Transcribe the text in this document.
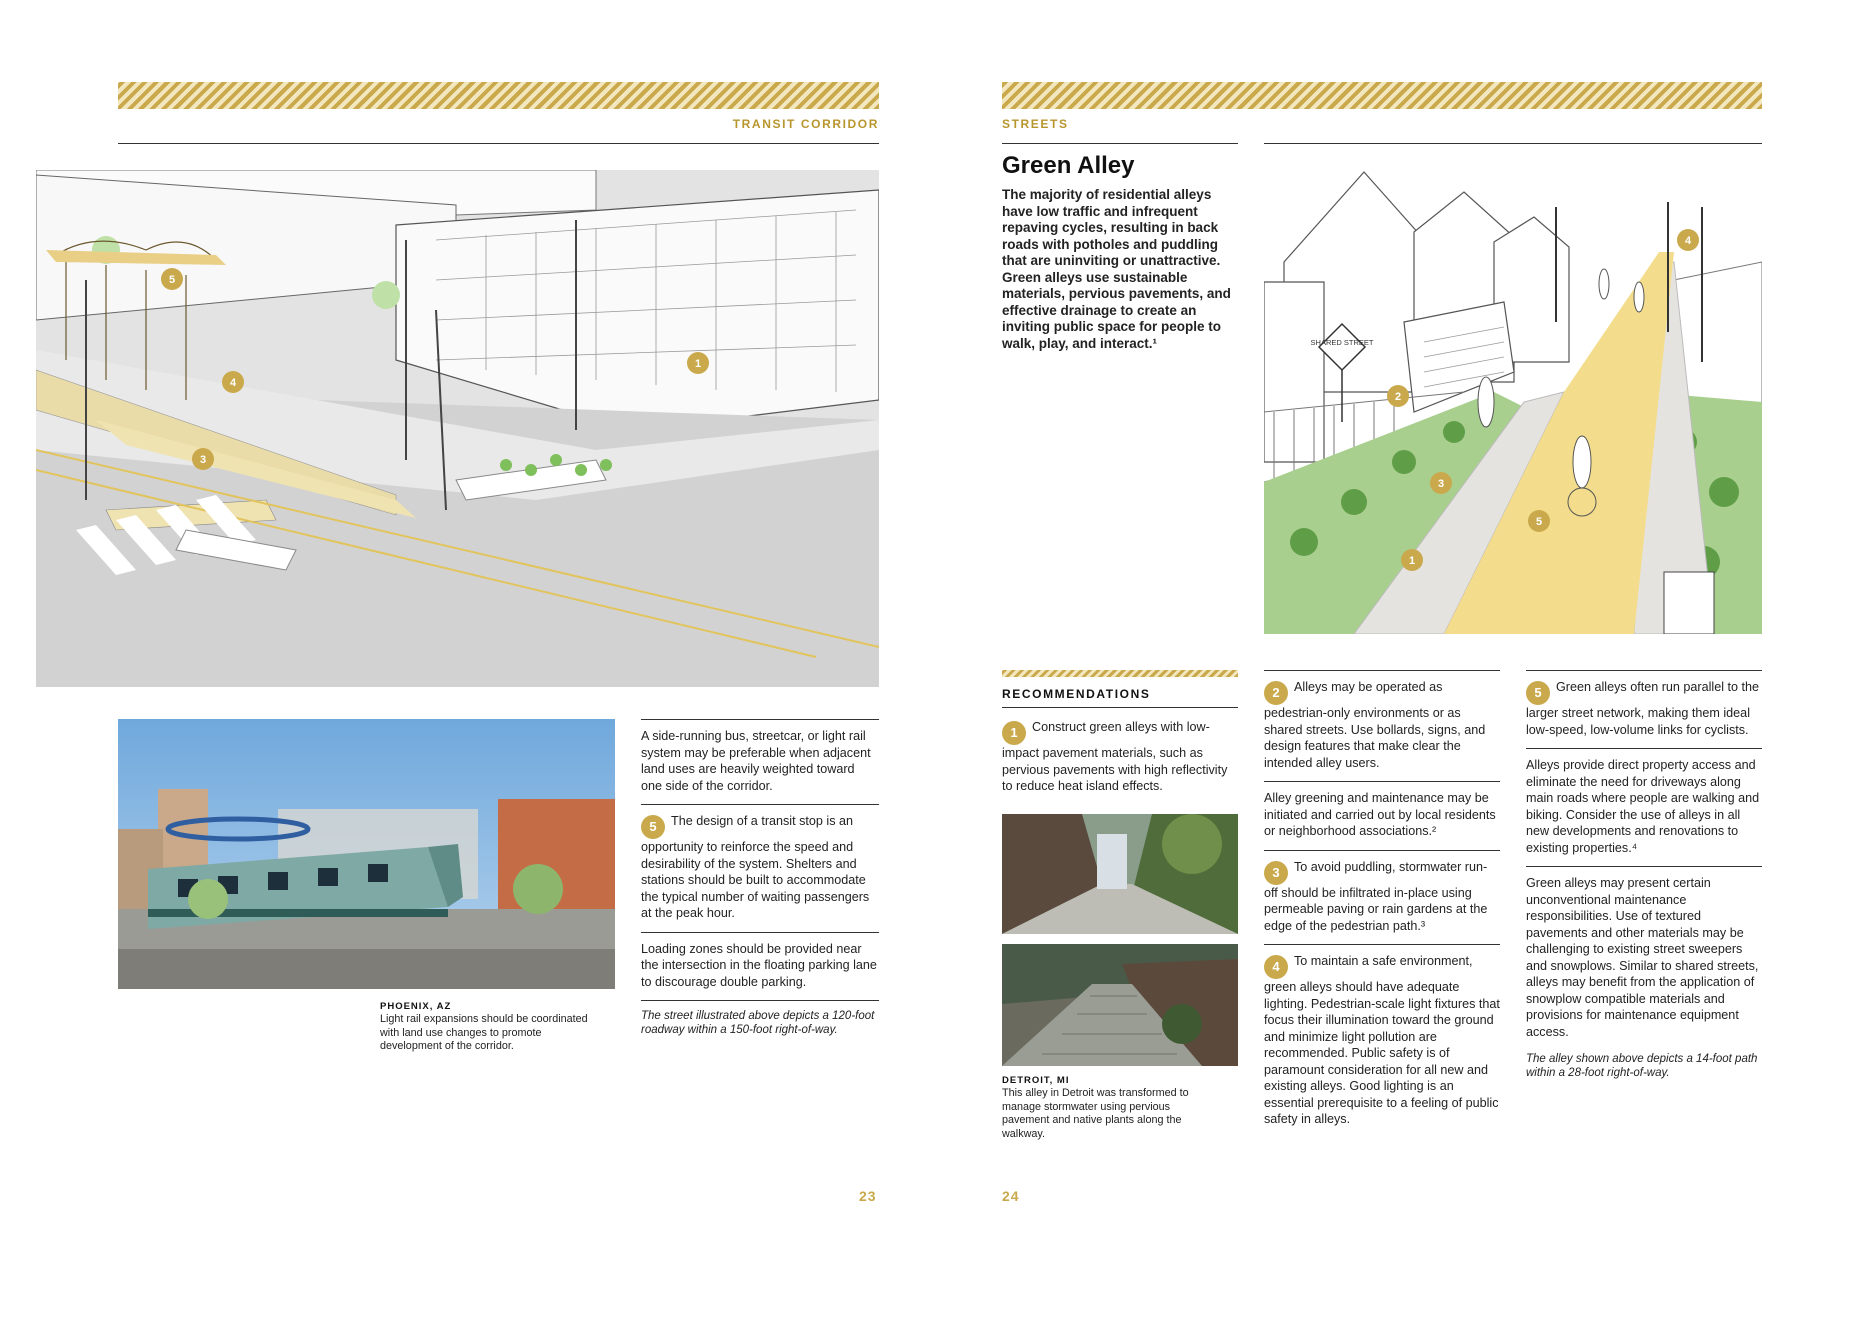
TRANSIT CORRIDOR
1
4
3
5
PHOENIX, AZ
Light rail expansions should be coordinated with land use changes to promote development of the corridor.
A side-running bus, streetcar, or light rail system may be preferable when adjacent land uses are heavily weighted toward one side of the corridor.
5 The design of a transit stop is an opportunity to reinforce the speed and desirability of the system. Shelters and stations should be built to accommodate the typical number of waiting passengers at the peak hour.
Loading zones should be provided near the intersection in the floating parking lane to discourage double parking.
The street illustrated above depicts a 120-foot roadway within a 150-foot right-of-way.
23
STREETS
Green Alley
The majority of residential alleys have low traffic and infrequent repaving cycles, resulting in back roads with potholes and puddling that are uninviting or unattractive. Green alleys use sustainable materials, pervious pavements, and effective drainage to create an inviting public space for people to walk, play, and interact.¹	SHARED STREET
2
3
1
5
4
RECOMMENDATIONS
1 Construct green alleys with low-impact pavement materials, such as pervious pavements with high reflectivity to reduce heat island effects.
DETROIT, MI
This alley in Detroit was transformed to manage stormwater using pervious pavement and native plants along the walkway.
2 Alleys may be operated as pedestrian-only environments or as shared streets. Use bollards, signs, and design features that make clear the intended alley users.
Alley greening and maintenance may be initiated and carried out by local residents or neighborhood associations.²
3 To avoid puddling, stormwater run-off should be infiltrated in-place using permeable paving or rain gardens at the edge of the pedestrian path.³
4 To maintain a safe environment, green alleys should have adequate lighting. Pedestrian-scale light fixtures that focus their illumination toward the ground and minimize light pollution are recommended. Public safety is of paramount consideration for all new and existing alleys. Good lighting is an essential prerequisite to a feeling of public safety in alleys.
5 Green alleys often run parallel to the larger street network, making them ideal low-speed, low-volume links for cyclists.
Alleys provide direct property access and eliminate the need for driveways along main roads where people are walking and biking. Consider the use of alleys in all new developments and renovations to existing properties.⁴
Green alleys may present certain unconventional maintenance responsibilities. Use of textured pavements and other materials may be challenging to existing street sweepers and snowplows. Similar to shared streets, alleys may benefit from the application of snowplow compatible materials and provisions for maintenance equipment access.
The alley shown above depicts a 14-foot path within a 28-foot right-of-way.
24
